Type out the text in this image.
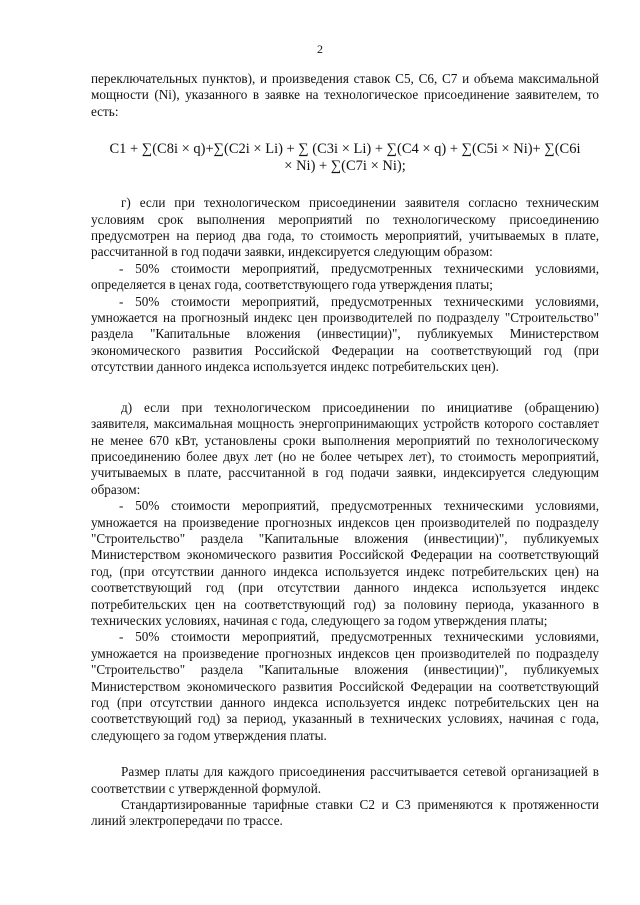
2

переключательных пунктов), и произведения ставок С5, С6, С7 и объема максимальной мощности (Ni), указанного в заявке на технологическое присоединение заявителем, то есть:

С1 + ∑(С8i × q)+∑(С2i × Li) + ∑ (С3i × Li) + ∑(С4 × q) + ∑(С5i × Ni)+ ∑(С6i
× Ni) + ∑(С7i × Ni);

г) если при технологическом присоединении заявителя согласно техническим условиям срок выполнения мероприятий по технологическому присоединению предусмотрен на период два года, то стоимость мероприятий, учитываемых в плате, рассчитанной в год подачи заявки, индексируется следующим образом:

- 50% стоимости мероприятий, предусмотренных техническими условиями, определяется в ценах года, соответствующего года утверждения платы;

- 50% стоимости мероприятий, предусмотренных техническими условиями, умножается на прогнозный индекс цен производителей по подразделу "Строительство" раздела "Капитальные вложения (инвестиции)", публикуемых Министерством экономического развития Российской Федерации на соответствующий год (при отсутствии данного индекса используется индекс потребительских цен).

д) если при технологическом присоединении по инициативе (обращению) заявителя, максимальная мощность энергопринимающих устройств которого составляет не менее 670 кВт, установлены сроки выполнения мероприятий по технологическому присоединению более двух лет (но не более четырех лет), то стоимость мероприятий, учитываемых в плате, рассчитанной в год подачи заявки, индексируется следующим образом:

- 50% стоимости мероприятий, предусмотренных техническими условиями, умножается на произведение прогнозных индексов цен производителей по подразделу "Строительство" раздела "Капитальные вложения (инвестиции)", публикуемых Министерством экономического развития Российской Федерации на соответствующий год, (при отсутствии данного индекса используется индекс потребительских цен) на соответствующий год (при отсутствии данного индекса используется индекс потребительских цен на соответствующий год) за половину периода, указанного в технических условиях, начиная с года, следующего за годом утверждения платы;

- 50% стоимости мероприятий, предусмотренных техническими условиями, умножается на произведение прогнозных индексов цен производителей по подразделу "Строительство" раздела "Капитальные вложения (инвестиции)", публикуемых Министерством экономического развития Российской Федерации на соответствующий год (при отсутствии данного индекса используется индекс потребительских цен на соответствующий год) за период, указанный в технических условиях, начиная с года, следующего за годом утверждения платы.

Размер платы для каждого присоединения рассчитывается сетевой организацией в соответствии с утвержденной формулой.

Стандартизированные тарифные ставки С2 и С3 применяются к протяженности линий электропередачи по трассе.
